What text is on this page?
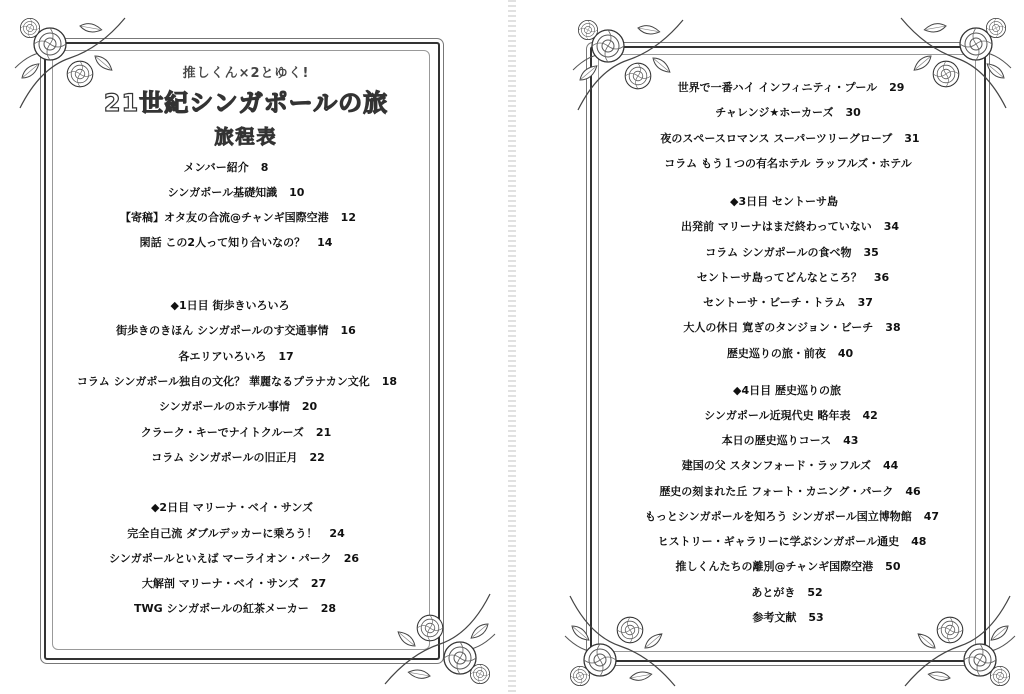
推しくん×2とゆく!
21世紀シンガポールの旅
旅程表
メンバー紹介 8
シンガポール基礎知識 10
【寄稿】オタ友の合流@チャンギ国際空港 12
閑話 この2人って知り合いなの？ 14
◆1日目 街歩きいろいろ
街歩きのきほん シンガポールのす交通事情 16
各エリアいろいろ 17
コラム シンガポール独自の文化？ 華麗なるプラナカン文化 18
シンガポールのホテル事情 20
クラーク・キーでナイトクルーズ 21
コラム シンガポールの旧正月 22
◆2日目 マリーナ・ベイ・サンズ
完全自己流 ダブルデッカーに乗ろう！ 24
シンガポールといえば マーライオン・パーク 26
大解剖 マリーナ・ベイ・サンズ 27
TWG シンガポールの紅茶メーカー 28
世界で一番ハイ インフィニティ・プール 29
チャレンジ★ホーカーズ 30
夜のスペースロマンス スーパーツリーグローブ 31
コラム もう１つの有名ホテル ラッフルズ・ホテル
◆3日目 セントーサ島
出発前 マリーナはまだ終わっていない 34
コラム シンガポールの食べ物 35
セントーサ島ってどんなところ？ 36
セントーサ・ビーチ・トラム 37
大人の休日 寛ぎのタンジョン・ビーチ 38
歴史巡りの旅・前夜 40
◆4日目 歴史巡りの旅
シンガポール近現代史 略年表 42
本日の歴史巡りコース 43
建国の父 スタンフォード・ラッフルズ 44
歴史の刻まれた丘 フォート・カニング・パーク 46
もっとシンガポールを知ろう シンガポール国立博物館 47
ヒストリー・ギャラリーに学ぶシンガポール通史 48
推しくんたちの離別@チャンギ国際空港 50
あとがき 52
参考文献 53
